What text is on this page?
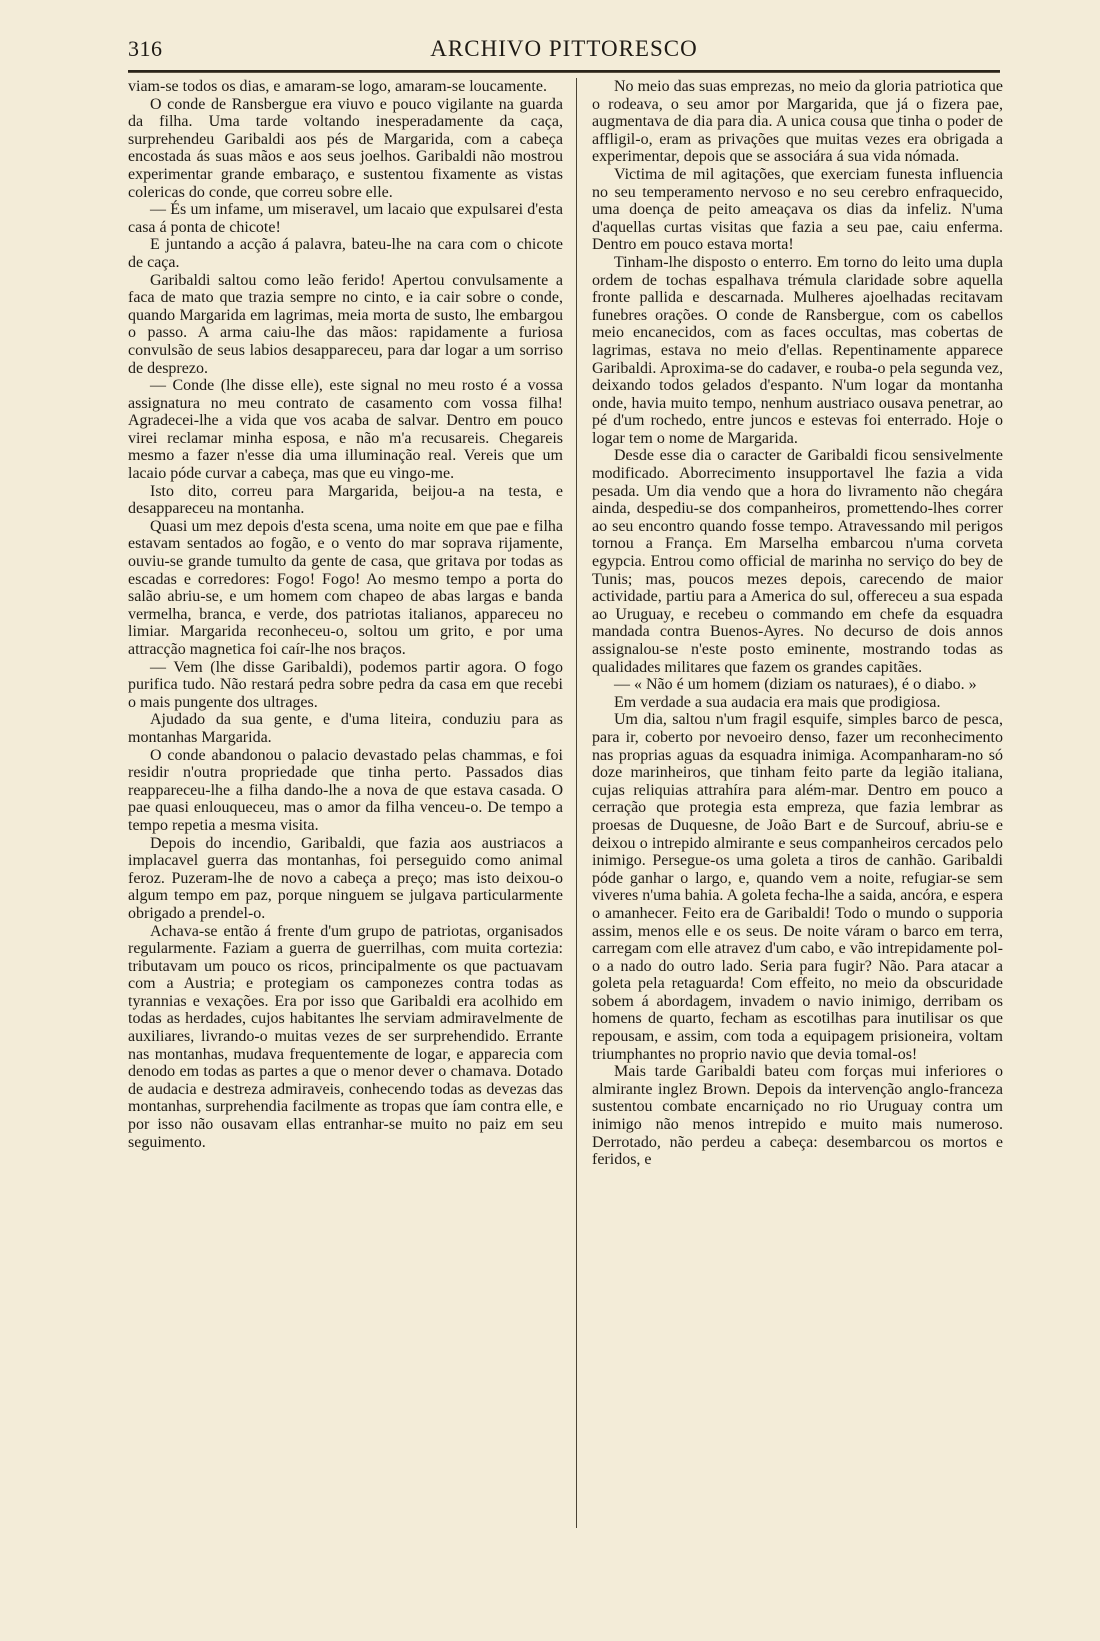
316	ARCHIVO PITTORESCO

viam-se todos os dias, e amaram-se logo, amaram-se loucamente.

O conde de Ransbergue era viuvo e pouco vigilante na guarda da filha. Uma tarde voltando inesperadamente da caça, surprehendeu Garibaldi aos pés de Margarida, com a cabeça encostada ás suas mãos e aos seus joelhos. Garibaldi não mostrou experimentar grande embaraço, e sustentou fixamente as vistas colericas do conde, que correu sobre elle.

— És um infame, um miseravel, um lacaio que expulsarei d'esta casa á ponta de chicote!

E juntando a acção á palavra, bateu-lhe na cara com o chicote de caça.

Garibaldi saltou como leão ferido! Apertou convulsamente a faca de mato que trazia sempre no cinto, e ia cair sobre o conde, quando Margarida em lagrimas, meia morta de susto, lhe embargou o passo. A arma caiu-lhe das mãos: rapidamente a furiosa convulsão de seus labios desappareceu, para dar logar a um sorriso de desprezo.

— Conde (lhe disse elle), este signal no meu rosto é a vossa assignatura no meu contrato de casamento com vossa filha! Agradecei-lhe a vida que vos acaba de salvar. Dentro em pouco virei reclamar minha esposa, e não m'a recusareis. Chegareis mesmo a fazer n'esse dia uma illuminação real. Vereis que um lacaio póde curvar a cabeça, mas que eu vingo-me.

Isto dito, correu para Margarida, beijou-a na testa, e desappareceu na montanha.

Quasi um mez depois d'esta scena, uma noite em que pae e filha estavam sentados ao fogão, e o vento do mar soprava rijamente, ouviu-se grande tumulto da gente de casa, que gritava por todas as escadas e corredores: Fogo! Fogo! Ao mesmo tempo a porta do salão abriu-se, e um homem com chapeo de abas largas e banda vermelha, branca, e verde, dos patriotas italianos, appareceu no limiar. Margarida reconheceu-o, soltou um grito, e por uma attracção magnetica foi caír-lhe nos braços.

— Vem (lhe disse Garibaldi), podemos partir agora. O fogo purifica tudo. Não restará pedra sobre pedra da casa em que recebi o mais pungente dos ultrages.

Ajudado da sua gente, e d'uma liteira, conduziu para as montanhas Margarida.

O conde abandonou o palacio devastado pelas chammas, e foi residir n'outra propriedade que tinha perto. Passados dias reappareceu-lhe a filha dando-lhe a nova de que estava casada. O pae quasi enlouqueceu, mas o amor da filha venceu-o. De tempo a tempo repetia a mesma visita.

Depois do incendio, Garibaldi, que fazia aos austriacos a implacavel guerra das montanhas, foi perseguido como animal feroz. Puzeram-lhe de novo a cabeça a preço; mas isto deixou-o algum tempo em paz, porque ninguem se julgava particularmente obrigado a prendel-o.

Achava-se então á frente d'um grupo de patriotas, organisados regularmente. Faziam a guerra de guerrilhas, com muita cortezia: tributavam um pouco os ricos, principalmente os que pactuavam com a Austria; e protegiam os camponezes contra todas as tyrannias e vexações. Era por isso que Garibaldi era acolhido em todas as herdades, cujos habitantes lhe serviam admiravelmente de auxiliares, livrando-o muitas vezes de ser surprehendido. Errante nas montanhas, mudava frequentemente de logar, e apparecia com denodo em todas as partes a que o menor dever o chamava. Dotado de audacia e destreza admiraveis, conhecendo todas as devezas das montanhas, surprehendia facilmente as tropas que íam contra elle, e por isso não ousavam ellas entranhar-se muito no paiz em seu seguimento.

No meio das suas emprezas, no meio da gloria patriotica que o rodeava, o seu amor por Margarida, que já o fizera pae, augmentava de dia para dia. A unica cousa que tinha o poder de affligil-o, eram as privações que muitas vezes era obrigada a experimentar, depois que se associára á sua vida nómada.

Victima de mil agitações, que exerciam funesta influencia no seu temperamento nervoso e no seu cerebro enfraquecido, uma doença de peito ameaçava os dias da infeliz. N'uma d'aquellas curtas visitas que fazia a seu pae, caiu enferma. Dentro em pouco estava morta!

Tinham-lhe disposto o enterro. Em torno do leito uma dupla ordem de tochas espalhava trémula claridade sobre aquella fronte pallida e descarnada. Mulheres ajoelhadas recitavam funebres orações. O conde de Ransbergue, com os cabellos meio encanecidos, com as faces occultas, mas cobertas de lagrimas, estava no meio d'ellas. Repentinamente apparece Garibaldi. Aproxima-se do cadaver, e rouba-o pela segunda vez, deixando todos gelados d'espanto. N'um logar da montanha onde, havia muito tempo, nenhum austriaco ousava penetrar, ao pé d'um rochedo, entre juncos e estevas foi enterrado. Hoje o logar tem o nome de Margarida.

Desde esse dia o caracter de Garibaldi ficou sensivelmente modificado. Aborrecimento insupportavel lhe fazia a vida pesada. Um dia vendo que a hora do livramento não chegára ainda, despediu-se dos companheiros, promettendo-lhes correr ao seu encontro quando fosse tempo. Atravessando mil perigos tornou a França. Em Marselha embarcou n'uma corveta egypcia. Entrou como official de marinha no serviço do bey de Tunis; mas, poucos mezes depois, carecendo de maior actividade, partiu para a America do sul, offereceu a sua espada ao Uruguay, e recebeu o commando em chefe da esquadra mandada contra Buenos-Ayres. No decurso de dois annos assignalou-se n'este posto eminente, mostrando todas as qualidades militares que fazem os grandes capitães.

— « Não é um homem (diziam os naturaes), é o diabo. »

Em verdade a sua audacia era mais que prodigiosa.

Um dia, saltou n'um fragil esquife, simples barco de pesca, para ir, coberto por nevoeiro denso, fazer um reconhecimento nas proprias aguas da esquadra inimiga. Acompanharam-no só doze marinheiros, que tinham feito parte da legião italiana, cujas reliquias attrahíra para além-mar. Dentro em pouco a cerração que protegia esta empreza, que fazia lembrar as proesas de Duquesne, de João Bart e de Surcouf, abriu-se e deixou o intrepido almirante e seus companheiros cercados pelo inimigo. Persegue-os uma goleta a tiros de canhão. Garibaldi póde ganhar o largo, e, quando vem a noite, refugiar-se sem viveres n'uma bahia. A goleta fecha-lhe a saida, ancóra, e espera o amanhecer. Feito era de Garibaldi! Todo o mundo o supporia assim, menos elle e os seus. De noite váram o barco em terra, carregam com elle atravez d'um cabo, e vão intrepidamente pol-o a nado do outro lado. Seria para fugir? Não. Para atacar a goleta pela retaguarda! Com effeito, no meio da obscuridade sobem á abordagem, invadem o navio inimigo, derribam os homens de quarto, fecham as escotilhas para inutilisar os que repousam, e assim, com toda a equipagem prisioneira, voltam triumphantes no proprio navio que devia tomal-os!

Mais tarde Garibaldi bateu com forças mui inferiores o almirante inglez Brown. Depois da intervenção anglo-franceza sustentou combate encarniçado no rio Uruguay contra um inimigo não menos intrepido e muito mais numeroso. Derrotado, não perdeu a cabeça: desembarcou os mortos e feridos, e
